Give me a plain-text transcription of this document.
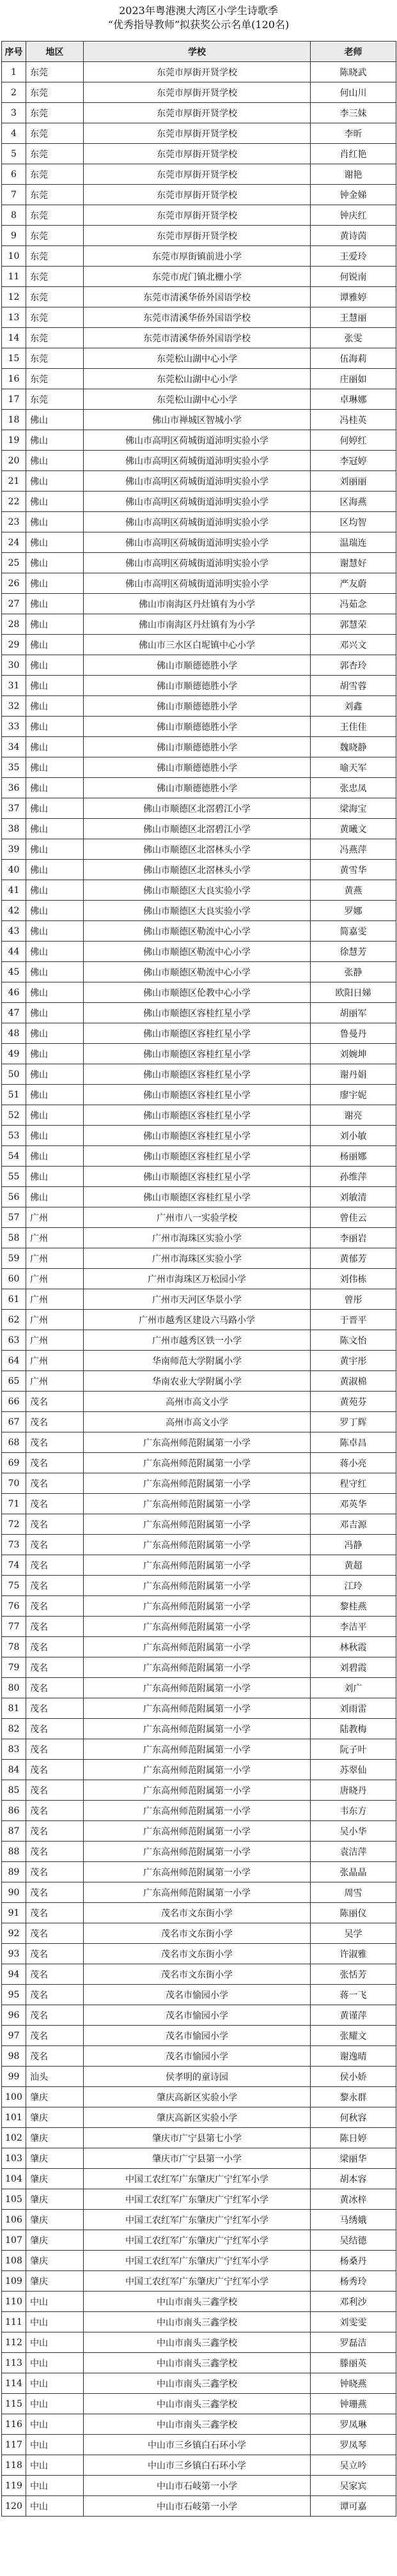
2023年粤港澳大湾区小学生诗歌季
“优秀指导教师”拟获奖公示名单(120名)
序号	地区	学校	老师
1	东莞	东莞市厚街开贤学校	陈晓武
2	东莞	东莞市厚街开贤学校	何山川
3	东莞	东莞市厚街开贤学校	李三妹
4	东莞	东莞市厚街开贤学校	李昕
5	东莞	东莞市厚街开贤学校	肖红艳
6	东莞	东莞市厚街开贤学校	谢艳
7	东莞	东莞市厚街开贤学校	钟金娣
8	东莞	东莞市厚街开贤学校	钟庆红
9	东莞	东莞市厚街开贤学校	黄诗茵
10	东莞	东莞市厚街镇前进小学	王爱玲
11	东莞	东莞市虎门镇北栅小学	何锐南
12	东莞	东莞市清溪华侨外国语学校	谭雅婷
13	东莞	东莞市清溪华侨外国语学校	王慧丽
14	东莞	东莞市清溪华侨外国语学校	张雯
15	东莞	东莞松山湖中心小学	伍海莉
16	东莞	东莞松山湖中心小学	庄丽如
17	东莞	东莞松山湖中心小学	卓琳娜
18	佛山	佛山市禅城区智城小学	冯桂英
19	佛山	佛山市高明区荷城街道沛明实验小学	何婷红
20	佛山	佛山市高明区荷城街道沛明实验小学	李冠婷
21	佛山	佛山市高明区荷城街道沛明实验小学	刘丽丽
22	佛山	佛山市高明区荷城街道沛明实验小学	区海燕
23	佛山	佛山市高明区荷城街道沛明实验小学	区均智
24	佛山	佛山市高明区荷城街道沛明实验小学	温瑞连
25	佛山	佛山市高明区荷城街道沛明实验小学	谢慧好
26	佛山	佛山市高明区荷城街道沛明实验小学	严友蔚
27	佛山	佛山市南海区丹灶镇有为小学	冯茹念
28	佛山	佛山市南海区丹灶镇有为小学	郭慧荣
29	佛山	佛山市三水区白坭镇中心小学	邓兴文
30	佛山	佛山市顺德德胜小学	郭杏玲
31	佛山	佛山市顺德德胜小学	胡雪蓉
32	佛山	佛山市顺德德胜小学	刘鑫
33	佛山	佛山市顺德德胜小学	王佳佳
34	佛山	佛山市顺德德胜小学	魏晓静
35	佛山	佛山市顺德德胜小学	喻天军
36	佛山	佛山市顺德德胜小学	张忠凤
37	佛山	佛山市顺德区北滘碧江小学	梁海宝
38	佛山	佛山市顺德区北滘碧江小学	黄曦文
39	佛山	佛山市顺德区北滘林头小学	冯燕萍
40	佛山	佛山市顺德区北滘林头小学	黄雪华
41	佛山	佛山市顺德区大良实验小学	黄燕
42	佛山	佛山市顺德区大良实验小学	罗娜
43	佛山	佛山市顺德区勒流中心小学	简嘉雯
44	佛山	佛山市顺德区勒流中心小学	徐慧芳
45	佛山	佛山市顺德区勒流中心小学	张静
46	佛山	佛山市顺德区伦教中心小学	欧阳日娣
47	佛山	佛山市顺德区容桂红星小学	胡丽军
48	佛山	佛山市顺德区容桂红星小学	鲁曼丹
49	佛山	佛山市顺德区容桂红星小学	刘婉坤
50	佛山	佛山市顺德区容桂红星小学	谢丹娟
51	佛山	佛山市顺德区容桂红星小学	廖宇妮
52	佛山	佛山市顺德区容桂红星小学	谢亮
53	佛山	佛山市顺德区容桂红星小学	刘小敏
54	佛山	佛山市顺德区容桂红星小学	杨丽娜
55	佛山	佛山市顺德区容桂红星小学	孙维萍
56	佛山	佛山市顺德区容桂红星小学	刘敏清
57	广州	广州市八一实验学校	曾佳云
58	广州	广州市海珠区实验小学	李丽岩
59	广州	广州市海珠区实验小学	黄郁芳
60	广州	广州市海珠区万松园小学	刘伟栋
61	广州	广州市天河区华景小学	曾彤
62	广州	广州市越秀区建设六马路小学	于晋平
63	广州	广州市越秀区铁一小学	陈文怡
64	广州	华南师范大学附属小学	黄宇彤
65	广州	华南农业大学附属小学	黄淑棉
66	茂名	高州市高文小学	黄苑芬
67	茂名	高州市高文小学	罗丁辉
68	茂名	广东高州师范附属第一小学	陈卓昌
69	茂名	广东高州师范附属第一小学	蒋小亮
70	茂名	广东高州师范附属第一小学	程守红
71	茂名	广东高州师范附属第一小学	邓英华
72	茂名	广东高州师范附属第一小学	邓吉源
73	茂名	广东高州师范附属第一小学	冯静
74	茂名	广东高州师范附属第一小学	黄超
75	茂名	广东高州师范附属第一小学	江玲
76	茂名	广东高州师范附属第一小学	黎桂燕
77	茂名	广东高州师范附属第一小学	李洁平
78	茂名	广东高州师范附属第一小学	林秋霞
79	茂名	广东高州师范附属第一小学	刘碧霞
80	茂名	广东高州师范附属第一小学	刘广
81	茂名	广东高州师范附属第一小学	刘雨雷
82	茂名	广东高州师范附属第一小学	陆教梅
83	茂名	广东高州师范附属第一小学	阮子叶
84	茂名	广东高州师范附属第一小学	苏翠仙
85	茂名	广东高州师范附属第一小学	唐晓丹
86	茂名	广东高州师范附属第一小学	韦东方
87	茂名	广东高州师范附属第一小学	吴小华
88	茂名	广东高州师范附属第一小学	袁洁萍
89	茂名	广东高州师范附属第一小学	张晶晶
90	茂名	广东高州师范附属第一小学	周雪
91	茂名	茂名市文东街小学	陈丽仪
92	茂名	茂名市文东街小学	吴学
93	茂名	茂名市文东街小学	许淑雅
94	茂名	茂名市文东街小学	张恬芳
95	茂名	茂名市愉园小学	蒋一飞
96	茂名	茂名市愉园小学	黄谨萍
97	茂名	茂名市愉园小学	张耀文
98	茂名	茂名市愉园小学	谢逸晴
99	汕头	侯孝明的童诗园	侯小娇
100	肇庆	肇庆高新区实验小学	黎永群
101	肇庆	肇庆高新区实验小学	何秋容
102	肇庆	肇庆市广宁县第七小学	陈日婷
103	肇庆	肇庆市广宁县第一小学	梁丽华
104	肇庆	中国工农红军广东肇庆广宁红军小学	胡本容
105	肇庆	中国工农红军广东肇庆广宁红军小学	黄冰梓
106	肇庆	中国工农红军广东肇庆广宁红军小学	马绣娥
107	肇庆	中国工农红军广东肇庆广宁红军小学	吴结德
108	肇庆	中国工农红军广东肇庆广宁红军小学	杨桑丹
109	肇庆	中国工农红军广东肇庆广宁红军小学	杨秀玲
110	中山	中山市南头三鑫学校	邓利沙
111	中山	中山市南头三鑫学校	刘雯雯
112	中山	中山市南头三鑫学校	罗磊洁
113	中山	中山市南头三鑫学校	滕丽英
114	中山	中山市南头三鑫学校	钟晓燕
115	中山	中山市南头三鑫学校	钟珊燕
116	中山	中山市南头三鑫学校	罗凤琳
117	中山	中山市三乡镇白石环小学	罗凤琴
118	中山	中山市三乡镇白石环小学	吴立吟
119	中山	中山市石岐第一小学	吴家宾
120	中山	中山市石岐第一小学	谭可嘉
